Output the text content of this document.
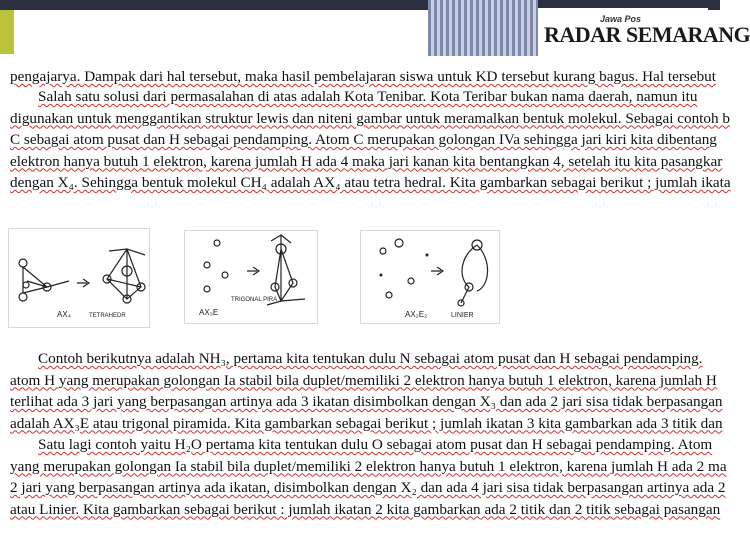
Jawa Pos
RADAR SEMARANG
pengajarya. Dampak dari hal tersebut, maka hasil pembelajaran siswa untuk KD tersebut kurang bagus. Hal tersebut
Salah satu solusi dari permasalahan di atas adalah Kota Tenibar. Kota Teribar bukan nama daerah, namun itu
digunakan untuk menggantikan struktur lewis dan niteni gambar untuk meramalkan bentuk molekul. Sebagai contoh b
C sebagai atom pusat dan H sebagai pendamping. Atom C merupakan golongan IVa sehingga jari kiri kita dibentang
elektron hanya butuh 1 elektron, karena jumlah H ada 4 maka jari kanan kita bentangkan 4, setelah itu kita pasangkar
dengan X₄. Sehingga bentuk molekul CH₄ adalah AX₄ atau tetra hedral. Kita gambarkan sebagai berikut ; jumlah ikata
AX₄	TETRAHEDR	AX₃E
TRIGONAL PIRA
AX₂E₂	LINIER
Contoh berikutnya adalah NH₃, pertama kita tentukan dulu N sebagai atom pusat dan H sebagai pendamping.
atom H yang merupakan golongan Ia stabil bila duplet/memiliki 2 elektron hanya butuh 1 elektron, karena jumlah H
terlihat ada 3 jari yang berpasangan artinya ada 3 ikatan disimbolkan dengan X₃ dan ada 2 jari sisa tidak berpasangan
adalah AX₃E atau trigonal piramida. Kita gambarkan sebagai berikut ; jumlah ikatan 3 kita gambarkan ada 3 titik dan
Satu lagi contoh yaitu H₂O pertama kita tentukan dulu O sebagai atom pusat dan H sebagai pendamping. Atom
yang merupakan golongan Ia stabil bila duplet/memiliki 2 elektron hanya butuh 1 elektron, karena jumlah H ada 2 ma
2 jari yang berpasangan artinya ada ikatan, disimbolkan dengan X₂ dan ada 4 jari sisa tidak berpasangan artinya ada 2
atau Linier. Kita gambarkan sebagai berikut : jumlah ikatan 2 kita gambarkan ada 2 titik dan 2 titik sebagai pasangan
